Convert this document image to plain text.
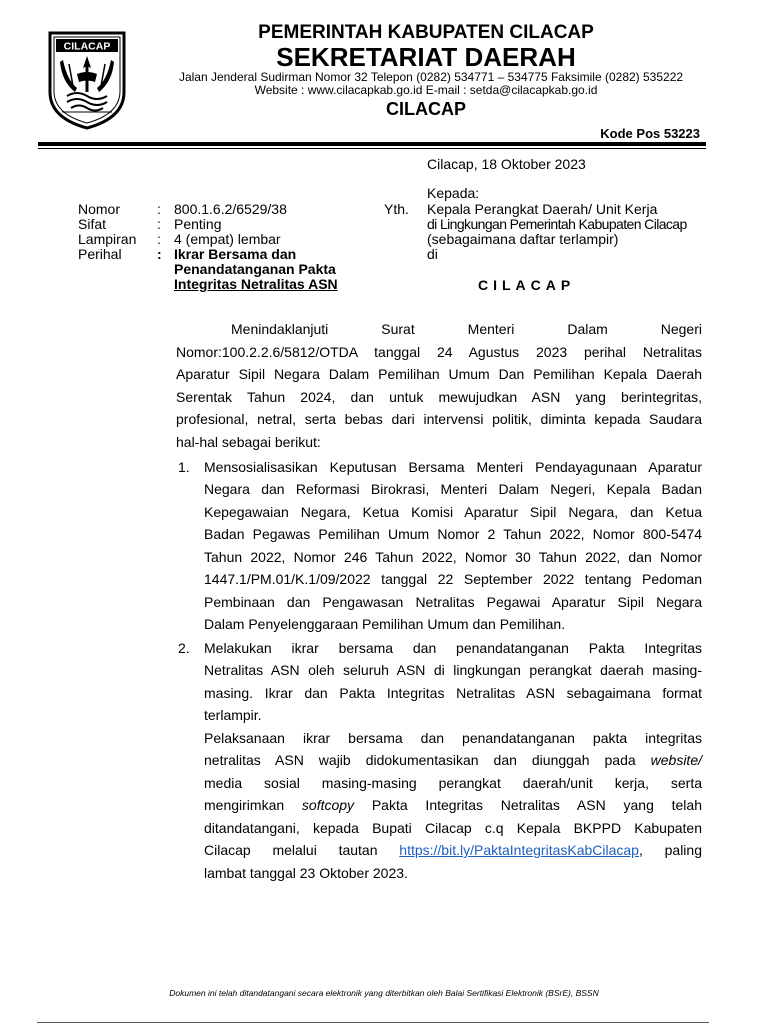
CILACAP
PEMERINTAH KABUPATEN CILACAP
SEKRETARIAT DAERAH
Jalan Jenderal Sudirman Nomor 32 Telepon (0282) 534771 – 534775 Faksimile (0282) 535222
Website : www.cilacapkab.go.id E-mail : setda@cilacapkab.go.id
CILACAP
Kode Pos 53223
Cilacap, 18 Oktober 2023
Kepada:
Yth. Kepala Perangkat Daerah/ Unit Kerja
di Lingkungan Pemerintah Kabupaten Cilacap
(sebagaimana daftar terlampir)
di
CILACAP
Nomor	: 800.1.6.2/6529/38
Sifat	: Penting
Lampiran : 4 (empat) lembar
Perihal	: Ikrar Bersama dan
Penandatanganan Pakta
Integritas Netralitas ASN
Menindaklanjuti Surat Menteri Dalam Negeri
Nomor:100.2.2.6/5812/OTDA tanggal 24 Agustus 2023 perihal Netralitas
Aparatur Sipil Negara Dalam Pemilihan Umum Dan Pemilihan Kepala Daerah
Serentak Tahun 2024, dan untuk mewujudkan ASN yang berintegritas,
profesional, netral, serta bebas dari intervensi politik, diminta kepada Saudara
hal-hal sebagai berikut:
1. Mensosialisasikan Keputusan Bersama Menteri Pendayagunaan Aparatur
Negara dan Reformasi Birokrasi, Menteri Dalam Negeri, Kepala Badan
Kepegawaian Negara, Ketua Komisi Aparatur Sipil Negara, dan Ketua
Badan Pegawas Pemilihan Umum Nomor 2 Tahun 2022, Nomor 800-5474
Tahun 2022, Nomor 246 Tahun 2022, Nomor 30 Tahun 2022, dan Nomor
1447.1/PM.01/K.1/09/2022 tanggal 22 September 2022 tentang Pedoman
Pembinaan dan Pengawasan Netralitas Pegawai Aparatur Sipil Negara
Dalam Penyelenggaraan Pemilihan Umum dan Pemilihan.
2. Melakukan ikrar bersama dan penandatanganan Pakta Integritas
Netralitas ASN oleh seluruh ASN di lingkungan perangkat daerah masing-
masing. Ikrar dan Pakta Integritas Netralitas ASN sebagaimana format
terlampir.
Pelaksanaan ikrar bersama dan penandatanganan pakta integritas
netralitas ASN wajib didokumentasikan dan diunggah pada website/
media sosial masing-masing perangkat daerah/unit kerja, serta
mengirimkan softcopy Pakta Integritas Netralitas ASN yang telah
ditandatangani, kepada Bupati Cilacap c.q Kepala BKPPD Kabupaten
Cilacap melalui tautan https://bit.ly/PaktaIntegritasKabCilacap, paling
lambat tanggal 23 Oktober 2023.
Dokumen ini telah ditandatangani secara elektronik yang diterbitkan oleh Balai Sertifikasi Elektronik (BSrE), BSSN
